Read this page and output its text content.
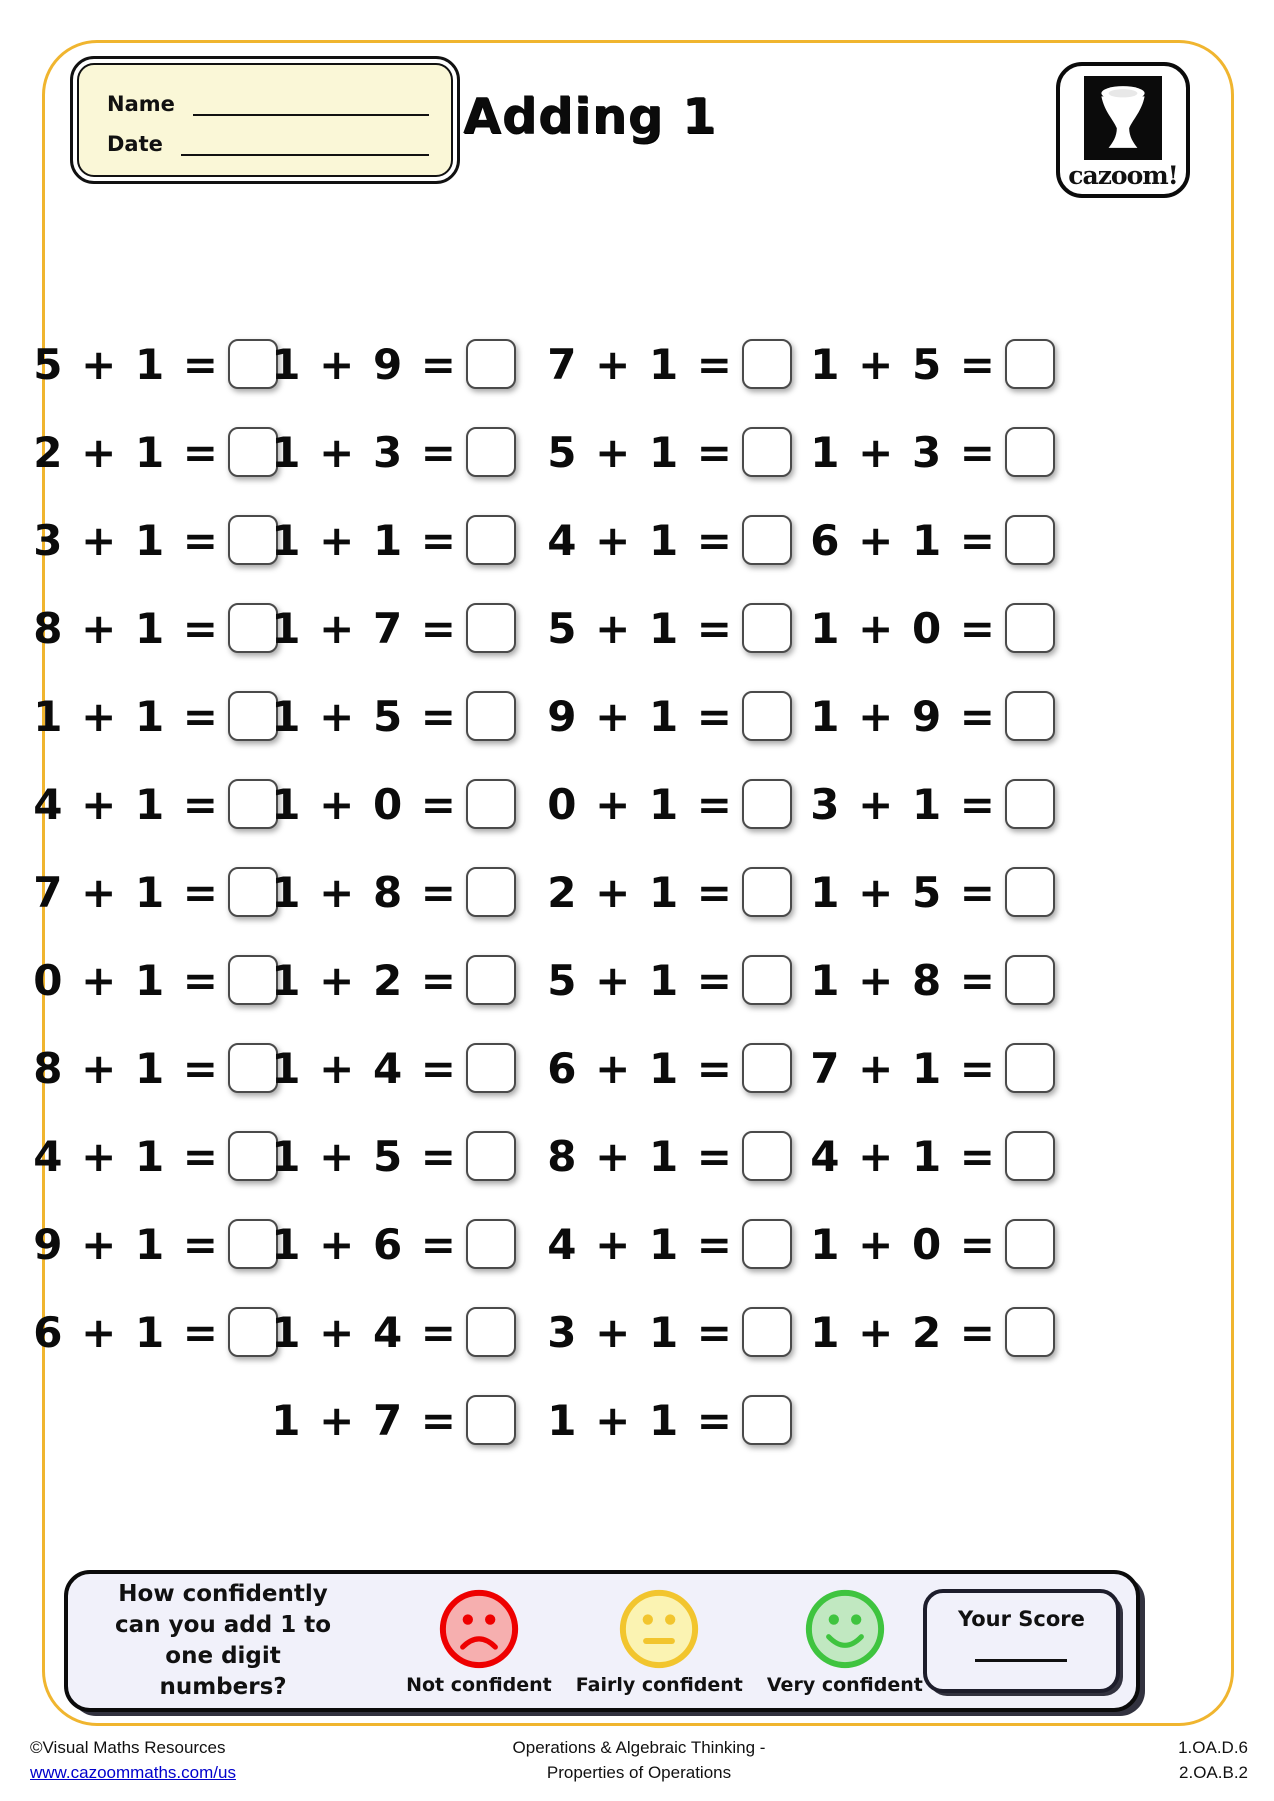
Name
Date	Adding 1
cazoom!
5 + 1 = 1 + 9 = 7 + 1 = 1 + 5 =
2 + 1 = 1 + 3 = 5 + 1 = 1 + 3 =
3 + 1 = 1 + 1 = 4 + 1 = 6 + 1 =
8 + 1 = 1 + 7 = 5 + 1 = 1 + 0 =
1 + 1 = 1 + 5 = 9 + 1 = 1 + 9 =
4 + 1 = 1 + 0 = 0 + 1 = 3 + 1 =
7 + 1 = 1 + 8 = 2 + 1 = 1 + 5 =
0 + 1 = 1 + 2 = 5 + 1 = 1 + 8 =
8 + 1 = 1 + 4 = 6 + 1 = 7 + 1 =
4 + 1 = 1 + 5 = 8 + 1 = 4 + 1 =
9 + 1 = 1 + 6 = 4 + 1 = 1 + 0 =
6 + 1 = 1 + 4 = 3 + 1 = 1 + 2 =
1 + 7 = 1 + 1 =
How confidently
can you add 1 to
one digit numbers?	Not confident Fairly confident Very confident
Your Score
©Visual Maths Resources
www.cazoommaths.com/us
Operations & Algebraic Thinking -
Properties of Operations
1.OA.D.6
2.OA.B.2
